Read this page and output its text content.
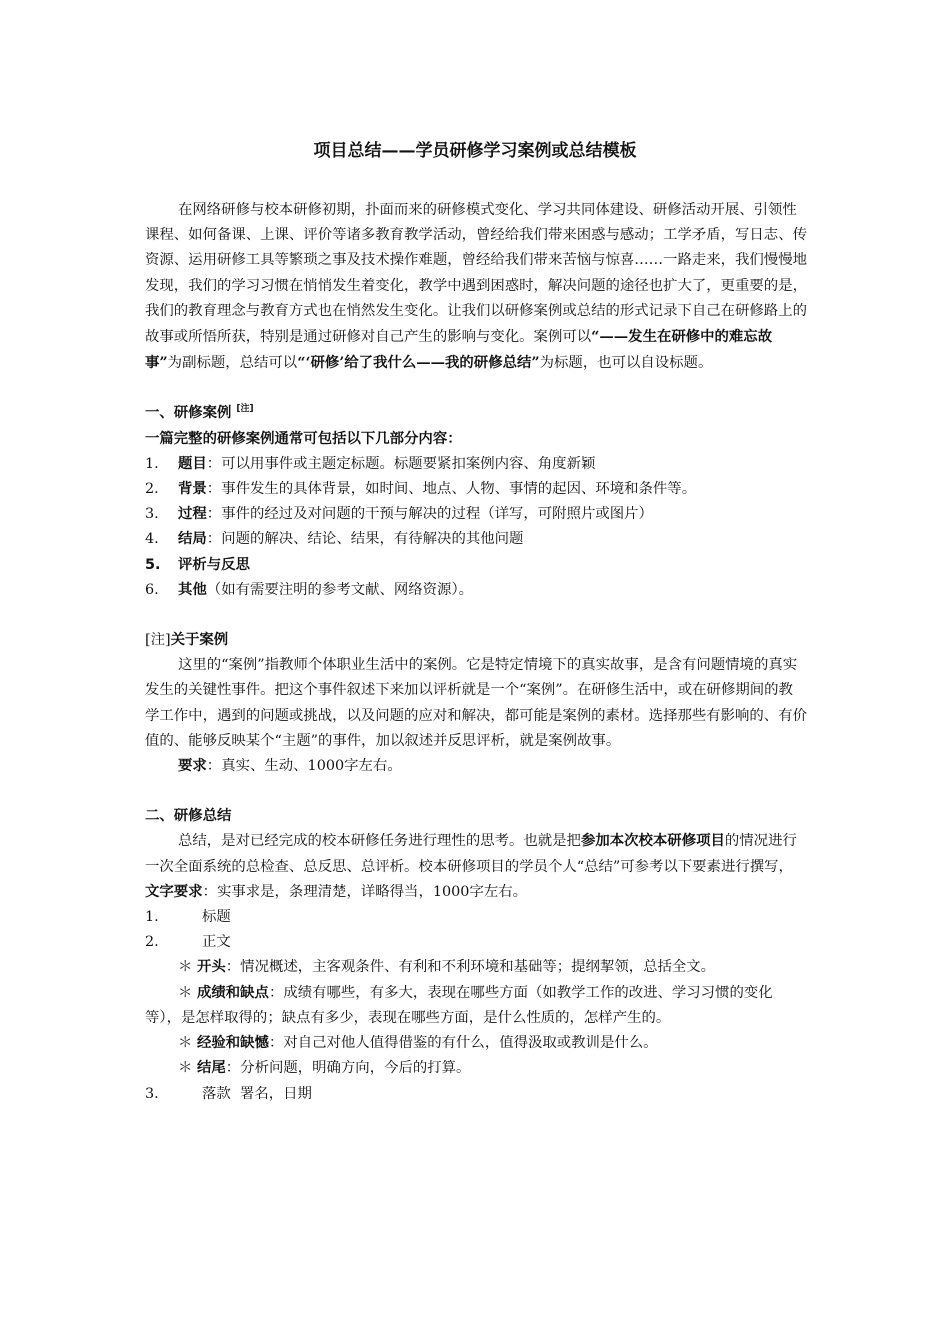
项目总结——学员研修学习案例或总结模板

在网络研修与校本研修初期，扑面而来的研修模式变化、学习共同体建设、研修活动开展、引领性课程、如何备课、上课、评价等诸多教育教学活动，曾经给我们带来困惑与感动；工学矛盾，写日志、传资源、运用研修工具等繁琐之事及技术操作难题，曾经给我们带来苦恼与惊喜……一路走来，我们慢慢地发现，我们的学习习惯在悄悄发生着变化，教学中遇到困惑时，解决问题的途径也扩大了，更重要的是，我们的教育理念与教育方式也在悄然发生变化。让我们以研修案例或总结的形式记录下自己在研修路上的故事或所悟所获，特别是通过研修对自己产生的影响与变化。案例可以“——发生在研修中的难忘故事”为副标题，总结可以“‘研修’给了我什么——我的研修总结”为标题，也可以自设标题。

一、研修案例 [注]

一篇完整的研修案例通常可包括以下几部分内容：

1.	题目：可以用事件或主题定标题。标题要紧扣案例内容、角度新颖
2.	背景：事件发生的具体背景，如时间、地点、人物、事情的起因、环境和条件等。
3.	过程：事件的经过及对问题的干预与解决的过程（详写，可附照片或图片）
4.	结局：问题的解决、结论、结果，有待解决的其他问题
5.	评析与反思
6.	其他（如有需要注明的参考文献、网络资源）。

[注]关于案例

这里的“案例”指教师个体职业生活中的案例。它是特定情境下的真实故事，是含有问题情境的真实发生的关键性事件。把这个事件叙述下来加以评析就是一个“案例”。在研修生活中，或在研修期间的教学工作中，遇到的问题或挑战，以及问题的应对和解决，都可能是案例的素材。选择那些有影响的、有价值的、能够反映某个“主题”的事件，加以叙述并反思评析，就是案例故事。

要求：真实、生动、1000字左右。

二、研修总结

总结，是对已经完成的校本研修任务进行理性的思考。也就是把参加本次校本研修项目的情况进行一次全面系统的总检查、总反思、总评析。校本研修项目的学员个人“总结”可参考以下要素进行撰写，文字要求：实事求是，条理清楚，详略得当，1000字左右。

1.	标题
2.	正文

＊ 开头：情况概述，主客观条件、有利和不利环境和基础等；提纲挈领，总括全文。

＊ 成绩和缺点：成绩有哪些，有多大，表现在哪些方面（如教学工作的改进、学习习惯的变化等），是怎样取得的；缺点有多少，表现在哪些方面，是什么性质的，怎样产生的。

＊ 经验和缺憾：对自己对他人值得借鉴的有什么，值得汲取或教训是什么。

＊ 结尾：分析问题，明确方向，今后的打算。

3.	落款  署名，日期
